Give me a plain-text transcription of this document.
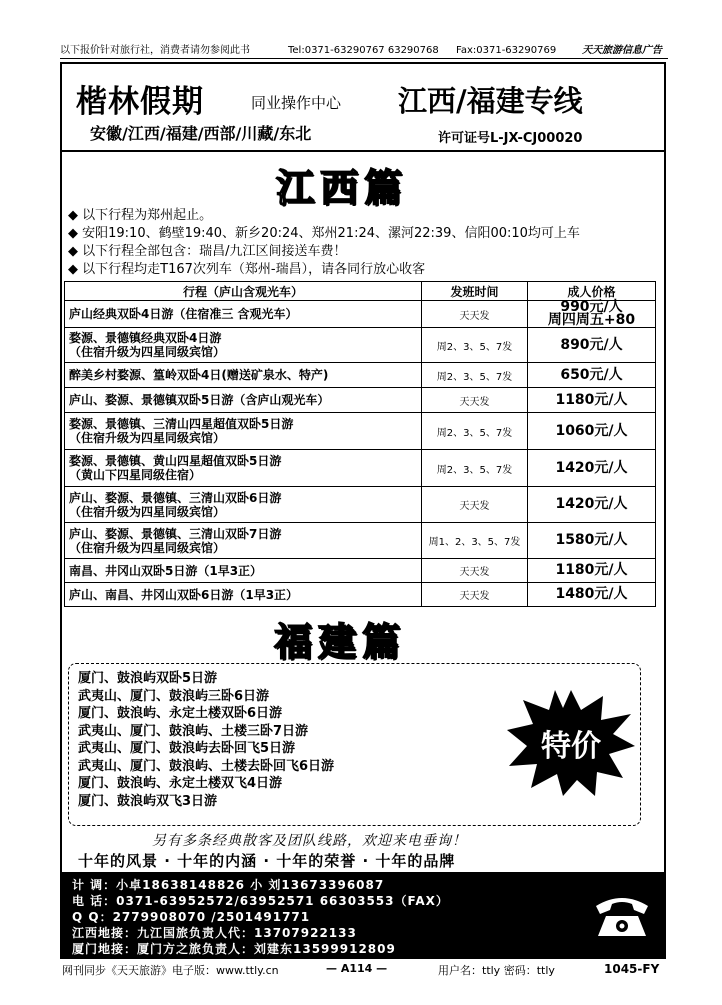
以下报价针对旅行社，消费者请勿参阅此书	Tel:0371-63290767 63290768 Fax:0371-63290769	天天旅游信息广告
楷林假期	同业操作中心 江西/福建专线
安徽/江西/福建/西部/川藏/东北	许可证号L-JX-CJ00020
江西篇
◆ 以下行程为郑州起止。
◆ 安阳19:10、鹤壁19:40、新乡20:24、郑州21:24、漯河22:39、信阳00:10均可上车
◆ 以下行程全部包含：瑞昌/九江区间接送车费！
◆ 以下行程均走T167次列车（郑州-瑞昌），请各同行放心收客
行程（庐山含观光车）	发班时间	成人价格

庐山经典双卧4日游（住宿准三 含观光车）	天天发	990元/人
周四周五+80

婺源、景德镇经典双卧4日游
（住宿升级为四星同级宾馆）	周2、3、5、7发	890元/人

醉美乡村婺源、篁岭双卧4日(赠送矿泉水、特产)	周2、3、5、7发	650元/人

庐山、婺源、景德镇双卧5日游（含庐山观光车）	天天发	1180元/人

婺源、景德镇、三清山四星超值双卧5日游
（住宿升级为四星同级宾馆）	周2、3、5、7发	1060元/人

婺源、景德镇、黄山四星超值双卧5日游
（黄山下四星同级住宿）	周2、3、5、7发	1420元/人

庐山、婺源、景德镇、三清山双卧6日游
（住宿升级为四星同级宾馆）	天天发	1420元/人

庐山、婺源、景德镇、三清山双卧7日游
（住宿升级为四星同级宾馆）	周1、2、3、5、7发	1580元/人

南昌、井冈山双卧5日游（1早3正）	天天发	1180元/人

庐山、南昌、井冈山双卧6日游（1早3正）	天天发	1480元/人
福建篇
厦门、鼓浪屿双卧5日游
武夷山、厦门、鼓浪屿三卧6日游
厦门、鼓浪屿、永定土楼双卧6日游
武夷山、厦门、鼓浪屿、土楼三卧7日游
武夷山、厦门、鼓浪屿去卧回飞5日游
武夷山、厦门、鼓浪屿、土楼去卧回飞6日游
厦门、鼓浪屿、永定土楼双飞4日游
厦门、鼓浪屿双飞3日游
特价
另有多条经典散客及团队线路，欢迎来电垂询！
十年的风景 · 十年的内涵 · 十年的荣誉 · 十年的品牌
计 调：小卓18638148826 小 刘13673396087
电 话：0371-63952572/63952571 66303553（FAX）
Q Q：2779908070 /2501491771
江西地接：九江国旅负责人代：13707922133
厦门地接：厦门方之旅负责人：刘建东13599912809
网刊同步《天天旅游》电子版：www.ttly.cn	— A114 —	用户名：ttly 密码：ttly	1045-FY
